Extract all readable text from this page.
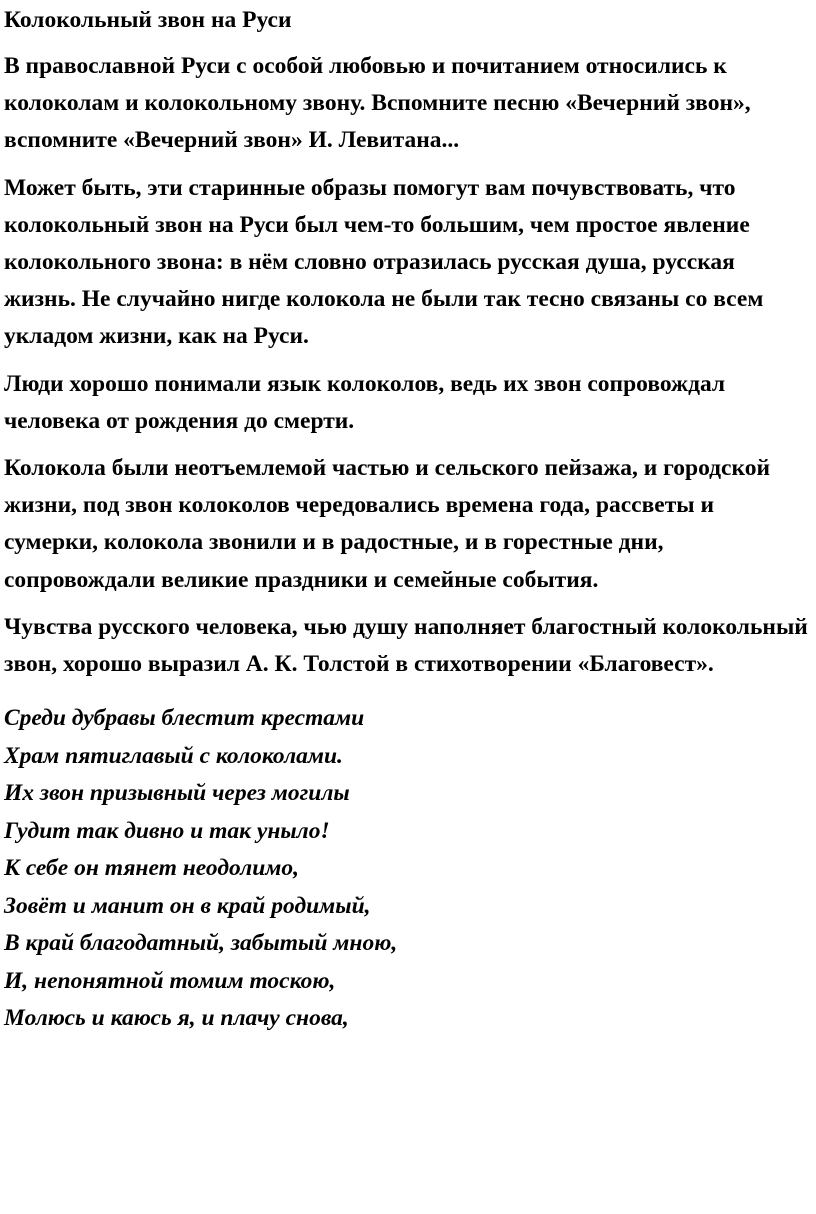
Колокольный звон на Руси

В православной Руси с особой любовью и почитанием относились к колоколам и колокольному звону. Вспомните песню «Вечерний звон», вспомните «Вечерний звон» И. Левитана...

Может быть, эти старинные образы помогут вам почувствовать, что колокольный звон на Руси был чем-то большим, чем простое явление колокольного звона: в нём словно отразилась русская душа, русская жизнь. Не случайно нигде колокола не были так тесно связаны со всем укладом жизни, как на Руси.

Люди хорошо понимали язык колоколов, ведь их звон сопровождал человека от рождения до смерти.

Колокола были неотъемлемой частью и сельского пейзажа, и городской жизни, под звон колоколов чередовались времена года, рассветы и сумерки, колокола звонили и в радостные, и в горестные дни, сопровождали великие праздники и семейные события.

Чувства русского человека, чью душу наполняет благостный колокольный звон, хорошо выразил А. К. Толстой в стихотворении «Благовест».

Среди дубравы блестит крестами
Храм пятиглавый с колоколами.
Их звон призывный через могилы
Гудит так дивно и так уныло!
К себе он тянет неодолимо,
Зовёт и манит он в край родимый,
В край благодатный, забытый мною,
И, непонятной томим тоскою,
Молюсь и каюсь я, и плачу снова,
